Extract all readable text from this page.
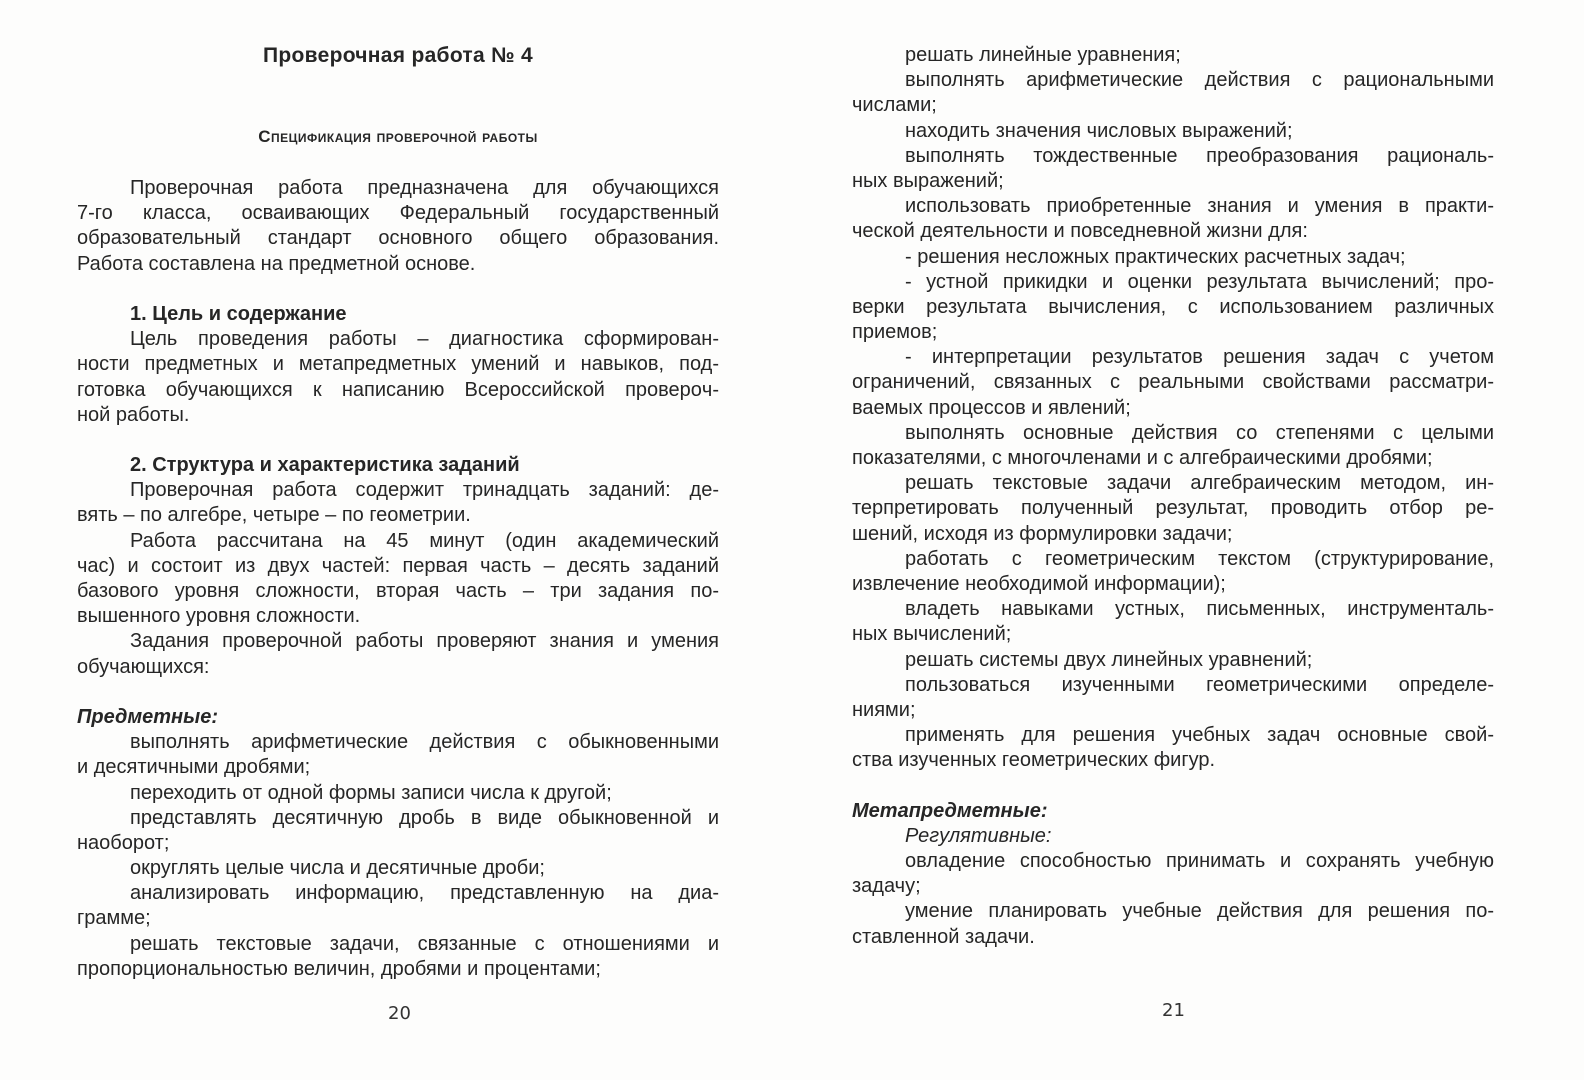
Проверочная работа № 4
Спецификация проверочной работы
Проверочная работа предназначена для обучающихся
7-го класса, осваивающих Федеральный государственный
образовательный стандарт основного общего образования.
Работа составлена на предметной основе.
1. Цель и содержание
Цель проведения работы – диагностика сформирован-
ности предметных и метапредметных умений и навыков, под-
готовка обучающихся к написанию Всероссийской проверoч-
ной работы.
2. Структура и характеристика заданий
Проверочная работа содержит тринадцать заданий: де-
вять – по алгебре, четыре – по геометрии.
Работа рассчитана на 45 минут (один академический
час) и состоит из двух частей: первая часть – десять заданий
базового уровня сложности, вторая часть – три задания по-
вышенного уровня сложности.
Задания проверочной работы проверяют знания и умения
обучающихся:
Предметные:
выполнять арифметические действия с обыкновенными
и десятичными дробями;
переходить от одной формы записи числа к другой;
представлять десятичную дробь в виде обыкновенной и
наоборот;
округлять целые числа и десятичные дроби;
анализировать информацию, представленную на диа-
грамме;
решать текстовые задачи, связанные с отношениями и
пропорциональностью величин, дробями и процентами;
20
решать линейные уравнения;
выполнять арифметические действия с рациональными
числами;
находить значения числовых выражений;
выполнять тождественные преобразования рациональ-
ных выражений;
использовать приобретенные знания и умения в практи-
ческой деятельности и повседневной жизни для:
- решения несложных практических расчетных задач;
- устной прикидки и оценки результата вычислений; про-
верки результата вычисления, с использованием различных
приемов;
- интерпретации результатов решения задач с учетом
ограничений, связанных с реальными свойствами рассматри-
ваемых процессов и явлений;
выполнять основные действия со степенями с целыми
показателями, с многочленами и с алгебраическими дробями;
решать текстовые задачи алгебраическим методом, ин-
терпретировать полученный результат, проводить отбор ре-
шений, исходя из формулировки задачи;
работать с геометрическим текстом (структурирование,
извлечение необходимой информации);
владеть навыками устных, письменных, инструменталь-
ных вычислений;
решать системы двух линейных уравнений;
пользоваться изученными геометрическими определе-
ниями;
применять для решения учебных задач основные свой-
ства изученных геометрических фигур.
Метапредметные:
Регулятивные:
овладение способностью принимать и сохранять учебную
задачу;
умение планировать учебные действия для решения по-
ставленной задачи.
21
